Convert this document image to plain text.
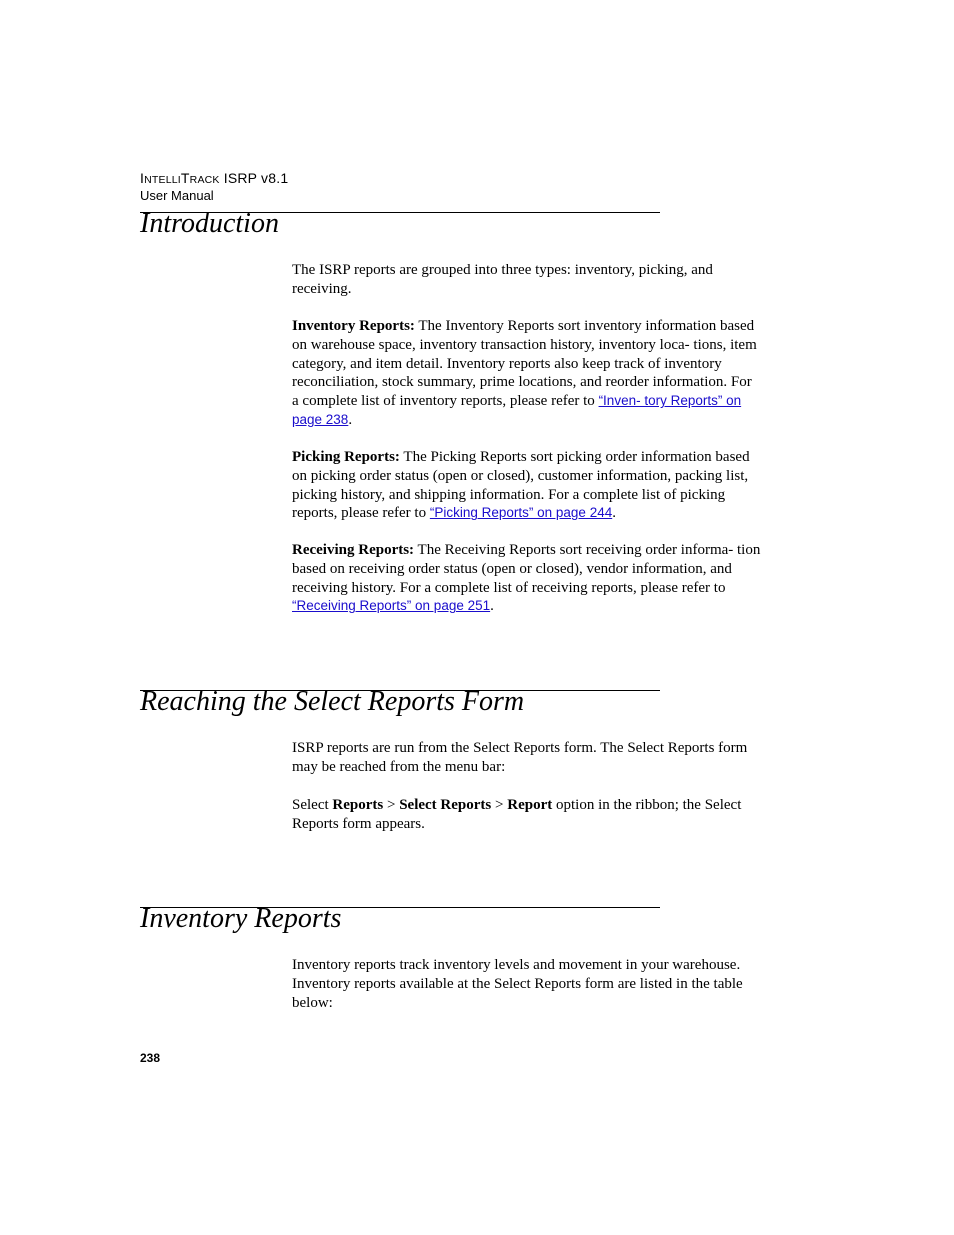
INTELLITRACK ISRP v8.1
User Manual
Introduction

The ISRP reports are grouped into three types: inventory, picking, and receiving.

Inventory Reports: The Inventory Reports sort inventory information based on warehouse space, inventory transaction history, inventory loca- tions, item category, and item detail. Inventory reports also keep track of inventory reconciliation, stock summary, prime locations, and reorder information. For a complete list of inventory reports, please refer to “Inven- tory Reports” on page 238.

Picking Reports: The Picking Reports sort picking order information based on picking order status (open or closed), customer information, packing list, picking history, and shipping information. For a complete list of picking reports, please refer to “Picking Reports” on page 244.

Receiving Reports: The Receiving Reports sort receiving order informa- tion based on receiving order status (open or closed), vendor information, and receiving history. For a complete list of receiving reports, please refer to “Receiving Reports” on page 251.

Reaching the Select Reports Form

ISRP reports are run from the Select Reports form. The Select Reports form may be reached from the menu bar:

Select Reports > Select Reports > Report option in the ribbon; the Select Reports form appears.

Inventory Reports

Inventory reports track inventory levels and movement in your warehouse. Inventory reports available at the Select Reports form are listed in the table below:

238
